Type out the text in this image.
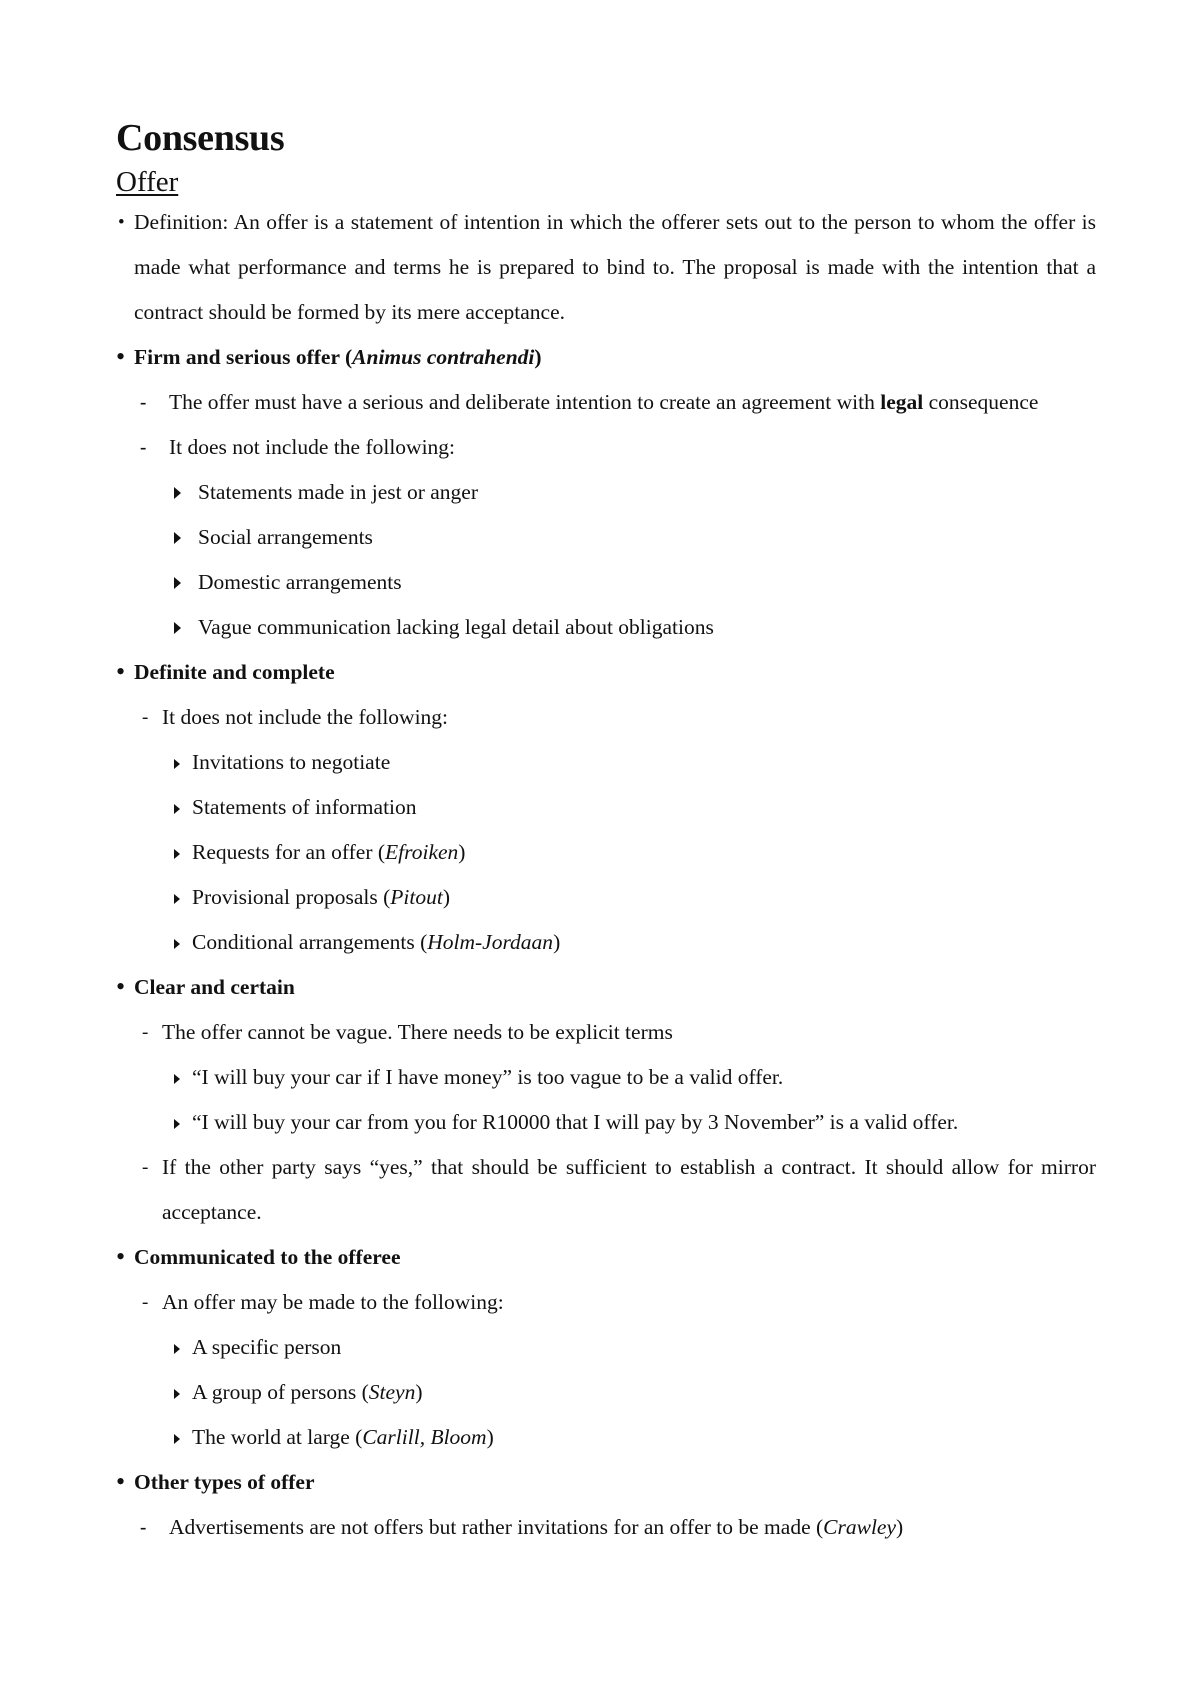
Consensus
Offer
• Definition: An offer is a statement of intention in which the offerer sets out to the person to whom the offer is made what performance and terms he is prepared to bind to. The proposal is made with the intention that a contract should be formed by its mere acceptance.
• Firm and serious offer (Animus contrahendi)
- The offer must have a serious and deliberate intention to create an agreement with legal consequence
- It does not include the following:
Statements made in jest or anger
Social arrangements
Domestic arrangements
Vague communication lacking legal detail about obligations
• Definite and complete
- It does not include the following:
Invitations to negotiate
Statements of information
Requests for an offer (Efroiken)
Provisional proposals (Pitout)
Conditional arrangements (Holm-Jordaan)
• Clear and certain
- The offer cannot be vague. There needs to be explicit terms
“I will buy your car if I have money” is too vague to be a valid offer.
“I will buy your car from you for R10000 that I will pay by 3 November” is a valid offer.
- If the other party says “yes,” that should be sufficient to establish a contract. It should allow for mirror acceptance.
• Communicated to the offeree
- An offer may be made to the following:
A specific person
A group of persons (Steyn)
The world at large (Carlill, Bloom)
• Other types of offer
- Advertisements are not offers but rather invitations for an offer to be made (Crawley)
